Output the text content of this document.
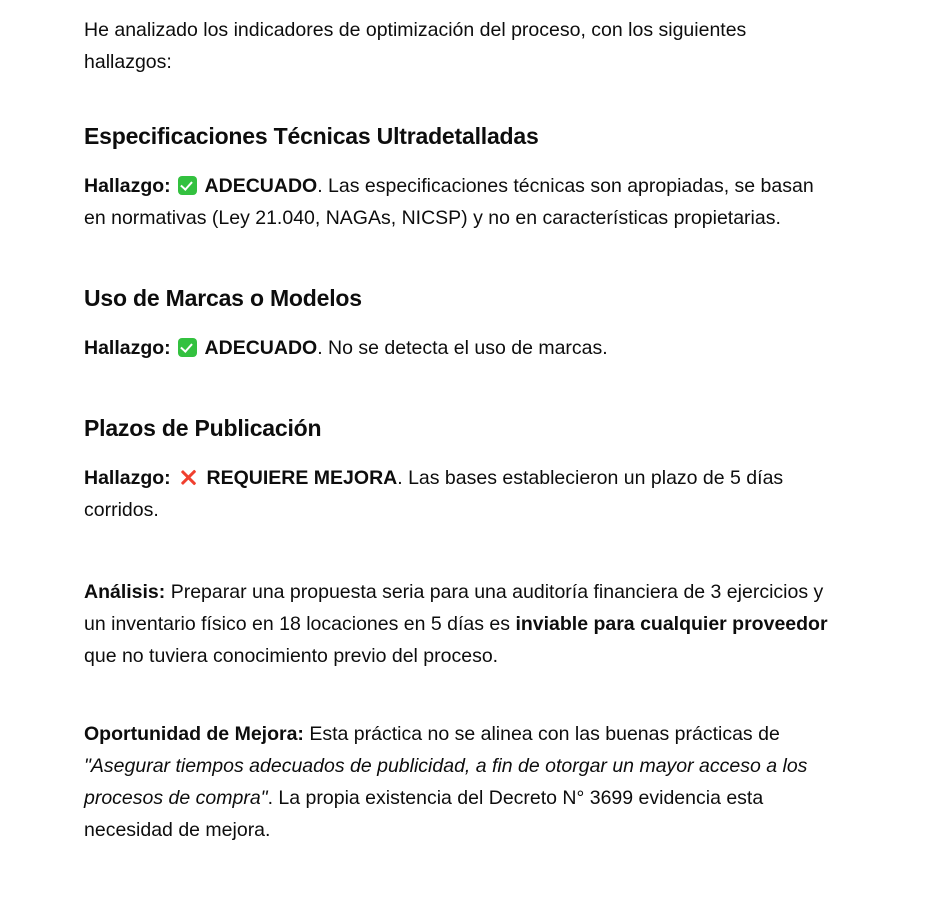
He analizado los indicadores de optimización del proceso, con los siguientes hallazgos:

Especificaciones Técnicas Ultradetalladas

Hallazgo: ADECUADO. Las especificaciones técnicas son apropiadas, se basan en normativas (Ley 21.040, NAGAs, NICSP) y no en características propietarias.

Uso de Marcas o Modelos

Hallazgo: ADECUADO. No se detecta el uso de marcas.

Plazos de Publicación

Hallazgo: REQUIERE MEJORA. Las bases establecieron un plazo de 5 días corridos.

Análisis: Preparar una propuesta seria para una auditoría financiera de 3 ejercicios y un inventario físico en 18 locaciones en 5 días es inviable para cualquier proveedor que no tuviera conocimiento previo del proceso.

Oportunidad de Mejora: Esta práctica no se alinea con las buenas prácticas de "Asegurar tiempos adecuados de publicidad, a fin de otorgar un mayor acceso a los procesos de compra". La propia existencia del Decreto N° 3699 evidencia esta necesidad de mejora.
